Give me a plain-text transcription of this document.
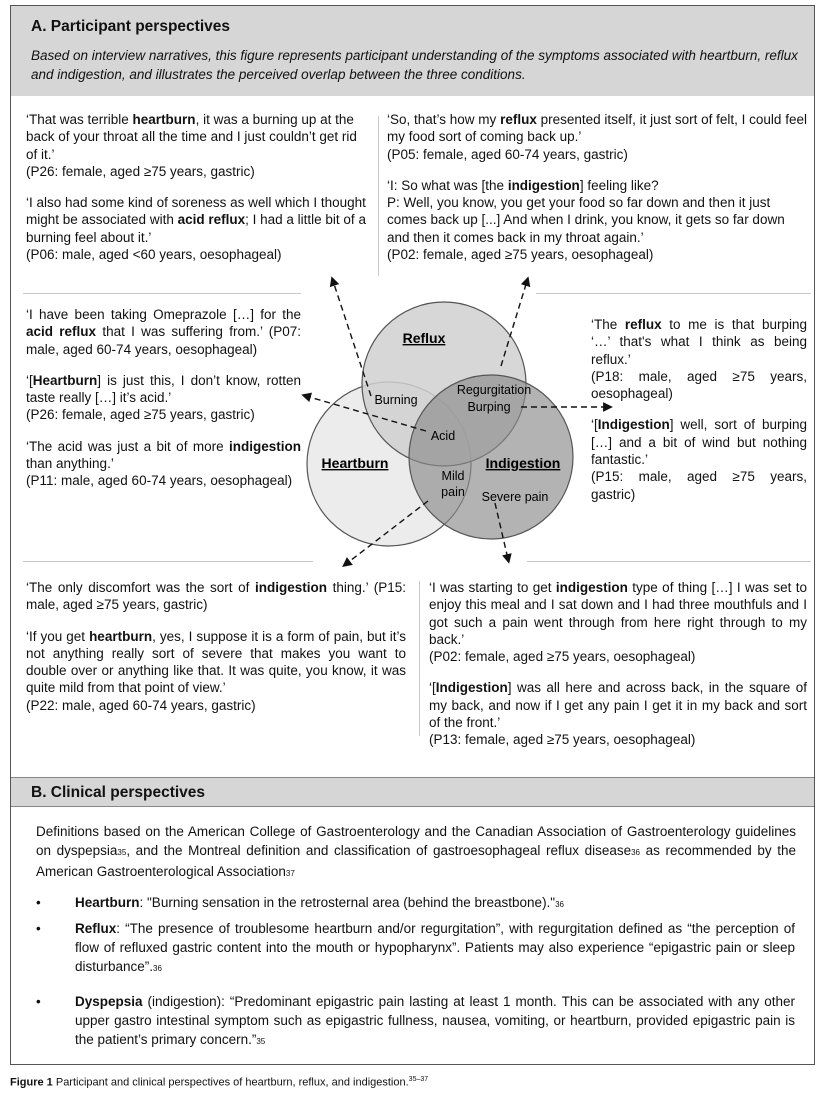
A. Participant perspectives
Based on interview narratives, this figure represents participant understanding of the symptoms associated with heartburn, reflux and indigestion, and illustrates the perceived overlap between the three conditions.

‘That was terrible heartburn, it was a burning up at the back of your throat all the time and I just couldn’t get rid of it.’
(P26: female, aged ≥75 years, gastric)

‘I also had some kind of soreness as well which I thought might be associated with acid reflux; I had a little bit of a burning feel about it.’
(P06: male, aged <60 years, oesophageal)

‘So, that’s how my reflux presented itself, it just sort of felt, I could feel my food sort of coming back up.’
(P05: female, aged 60-74 years, gastric)

‘I: So what was [the indigestion] feeling like?
P: Well, you know, you get your food so far down and then it just comes back up [...] And when I drink, you know, it gets so far down and then it comes back in my throat again.’
(P02: female, aged ≥75 years, oesophageal)

‘I have been taking Omeprazole […] for the acid reflux that I was suffering from.’ (P07: male, aged 60-74 years, oesophageal)

‘[Heartburn] is just this, I don’t know, rotten taste really […] it’s acid.’
(P26: female, aged ≥75 years, gastric)

‘The acid was just a bit of more indigestion than anything.’
(P11: male, aged 60-74 years, oesophageal)

‘The reflux to me is that burping ‘…’ that's what I think as being reflux.’
(P18: male, aged ≥75 years, oesophageal)

‘[Indigestion] well, sort of burping […] and a bit of wind but nothing fantastic.’
(P15: male, aged ≥75 years, gastric)

Reflux
Heartburn	Indigestion
Burning
Regurgitation
Burping
Acid
Mild
pain Severe pain

‘The only discomfort was the sort of indigestion thing.’ (P15: male, aged ≥75 years, gastric)

‘If you get heartburn, yes, I suppose it is a form of pain, but it’s not anything really sort of severe that makes you want to double over or anything like that. It was quite, you know, it was quite mild from that point of view.’
(P22: male, aged 60-74 years, gastric)

‘I was starting to get indigestion type of thing […] I was set to enjoy this meal and I sat down and I had three mouthfuls and I got such a pain went through from here right through to my back.’
(P02: female, aged ≥75 years, oesophageal)

‘[Indigestion] was all here and across back, in the square of my back, and now if I get any pain I get it in my back and sort of the front.’
(P13: female, aged ≥75 years, oesophageal)

B. Clinical perspectives
Definitions based on the American College of Gastroenterology and the Canadian Association of Gastroenterology guidelines on dyspepsia35, and the Montreal definition and classification of gastroesophageal reflux disease36 as recommended by the American Gastroenterological Association37
•	Heartburn: "Burning sensation in the retrosternal area (behind the breastbone)."36
•	Reflux: “The presence of troublesome heartburn and/or regurgitation”, with regurgitation defined as “the perception of flow of refluxed gastric content into the mouth or hypopharynx”. Patients may also experience “epigastric pain or sleep disturbance”.36
•	Dyspepsia (indigestion): “Predominant epigastric pain lasting at least 1 month. This can be associated with any other upper gastro intestinal symptom such as epigastric fullness, nausea, vomiting, or heartburn, provided epigastric pain is the patient’s primary concern.”35
Figure 1 Participant and clinical perspectives of heartburn, reflux, and indigestion.$^{35-37}$
